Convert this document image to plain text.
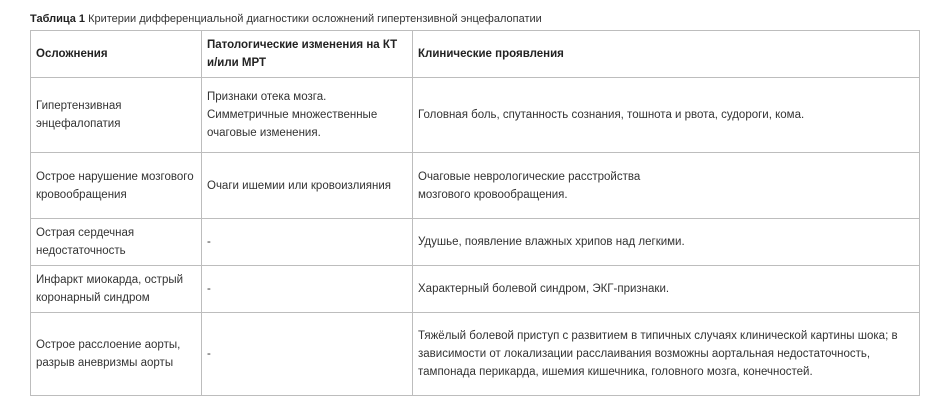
Таблица 1 Критерии дифференциальной диагностики осложнений гипертензивной энцефалопатии
Осложнения	Патологические изменения на КТ и/или МРТ	Клинические проявления
Гипертензивная энцефалопатия	Признаки отека мозга. Симметричные множественные очаговые изменения.	Головная боль, спутанность сознания, тошнота и рвота, судороги, кома.
Острое нарушение мозгового кровообращения	Очаги ишемии или кровоизлияния	Очаговые неврологические расстройства мозгового кровообращения.
Острая сердечная недостаточность	-	Удушье, появление влажных хрипов над легкими.
Инфаркт миокарда, острый коронарный синдром	-	Характерный болевой синдром, ЭКГ-признаки.
Острое расслоение аорты, разрыв аневризмы аорты	-	Тяжёлый болевой приступ с развитием в типичных случаях клинической картины шока; в зависимости от локализации расслаивания возможны аортальная недостаточность, тампонада перикарда, ишемия кишечника, головного мозга, конечностей.
